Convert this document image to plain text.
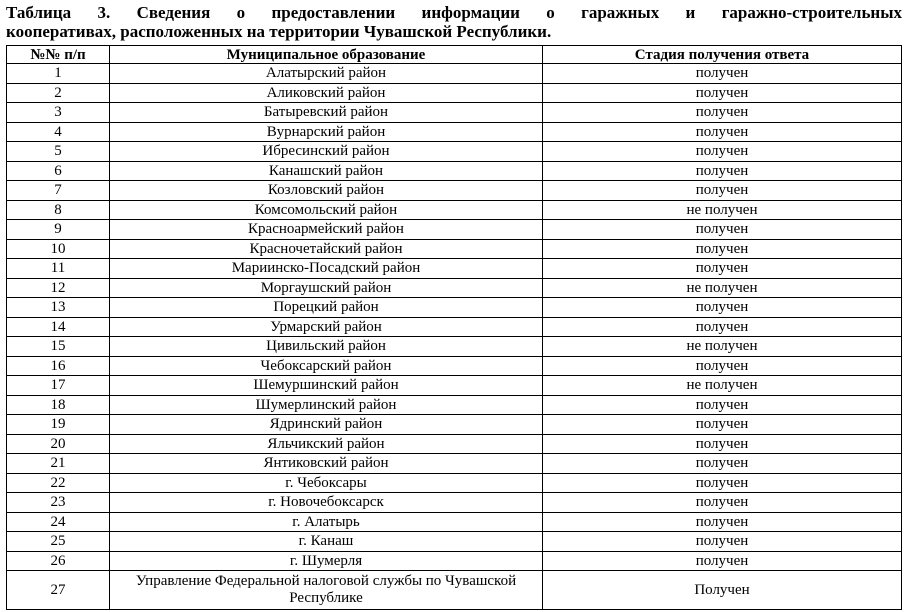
Таблица 3. Сведения о предоставлении информации о гаражных и гаражно-строительных
кооперативах, расположенных на территории Чувашской Республики.
№№ п/п	Муниципальное образование	Стадия получения ответа
1	Алатырский район	получен
2	Аликовский район	получен
3	Батыревский район	получен
4	Вурнарский район	получен
5	Ибресинский район	получен
6	Канашский район	получен
7	Козловский район	получен
8	Комсомольский район	не получен
9	Красноармейский район	получен
10	Красночетайский район	получен
11	Мариинско-Посадский район	получен
12	Моргаушский район	не получен
13	Порецкий район	получен
14	Урмарский район	получен
15	Цивильский район	не получен
16	Чебоксарский район	получен
17	Шемуршинский район	не получен
18	Шумерлинский район	получен
19	Ядринский район	получен
20	Яльчикский район	получен
21	Янтиковский район	получен
22	г. Чебоксары	получен
23	г. Новочебоксарск	получен
24	г. Алатырь	получен
25	г. Канаш	получен
26	г. Шумерля	получен
27	Управление Федеральной налоговой службы по Чувашской Республике	Получен
